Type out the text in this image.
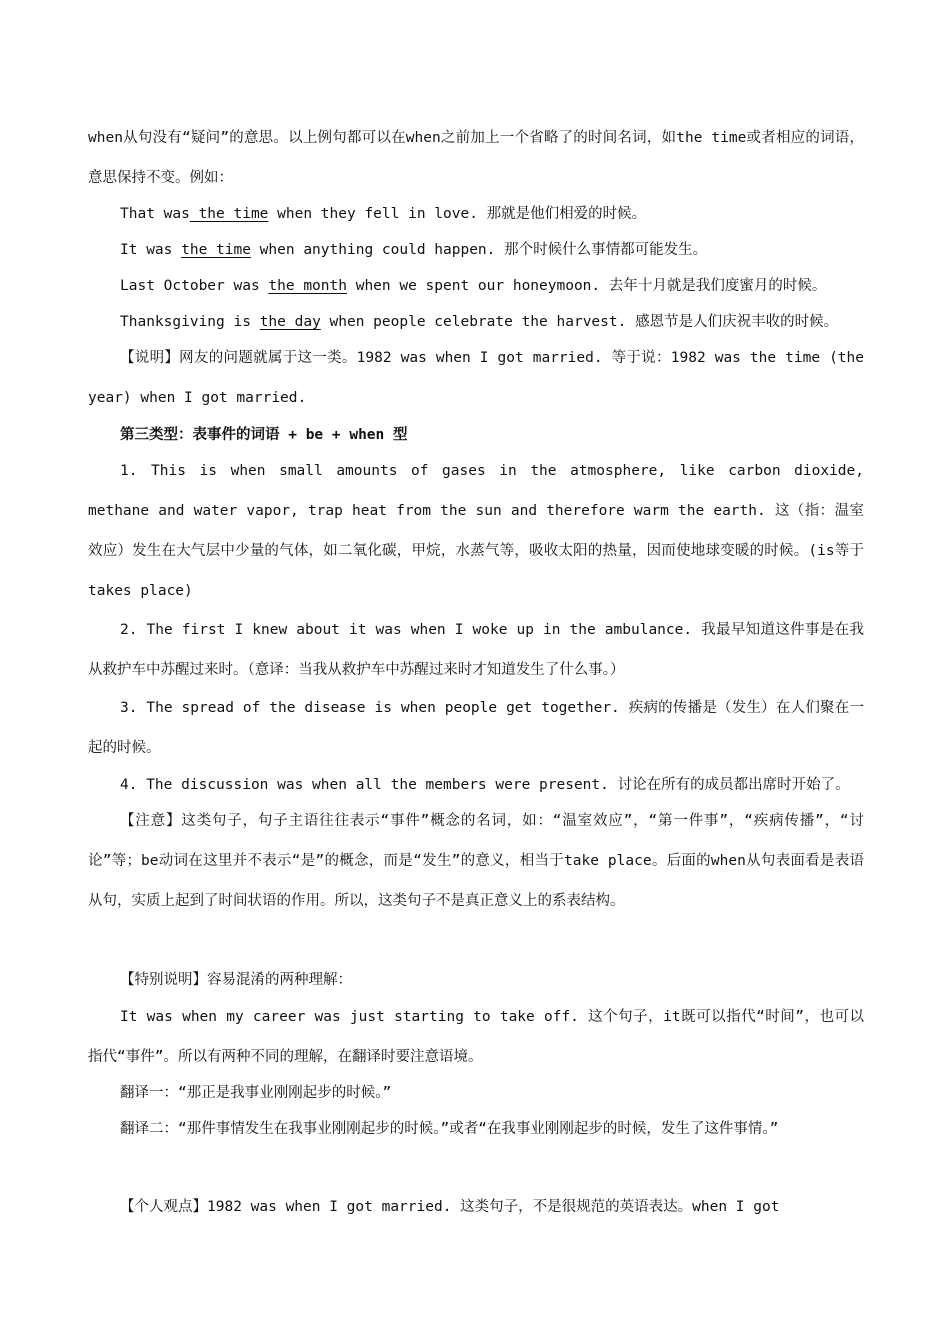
when从句没有“疑问”的意思。以上例句都可以在when之前加上一个省略了的时间名词，如the time或者相应的词语，意思保持不变。例如：
That was the time when they fell in love. 那就是他们相爱的时候。
It was the time when anything could happen. 那个时候什么事情都可能发生。
Last October was the month when we spent our honeymoon. 去年十月就是我们度蜜月的时候。
Thanksgiving is the day when people celebrate the harvest. 感恩节是人们庆祝丰收的时候。
【说明】网友的问题就属于这一类。1982 was when I got married. 等于说：1982 was the time (the year) when I got married.
第三类型：表事件的词语 + be + when 型
1. This is when small amounts of gases in the atmosphere, like carbon dioxide, methane and water vapor, trap heat from the sun and therefore warm the earth. 这（指：温室效应）发生在大气层中少量的气体，如二氧化碳，甲烷，水蒸气等，吸收太阳的热量，因而使地球变暖的时候。(is等于takes place)
2. The first I knew about it was when I woke up in the ambulance. 我最早知道这件事是在我从救护车中苏醒过来时。（意译：当我从救护车中苏醒过来时才知道发生了什么事。）
3. The spread of the disease is when people get together. 疾病的传播是（发生）在人们聚在一起的时候。
4. The discussion was when all the members were present. 讨论在所有的成员都出席时开始了。
【注意】这类句子，句子主语往往表示“事件”概念的名词，如：“温室效应”，“第一件事”，“疾病传播”，“讨论”等；be动词在这里并不表示“是”的概念，而是“发生”的意义，相当于take place。后面的when从句表面看是表语从句，实质上起到了时间状语的作用。所以，这类句子不是真正意义上的系表结构。
【特别说明】容易混淆的两种理解：
It was when my career was just starting to take off. 这个句子，it既可以指代“时间”，也可以指代“事件”。所以有两种不同的理解，在翻译时要注意语境。
翻译一：“那正是我事业刚刚起步的时候。”
翻译二：“那件事情发生在我事业刚刚起步的时候。”或者“在我事业刚刚起步的时候，发生了这件事情。”
【个人观点】1982 was when I got married. 这类句子，不是很规范的英语表达。when I got
